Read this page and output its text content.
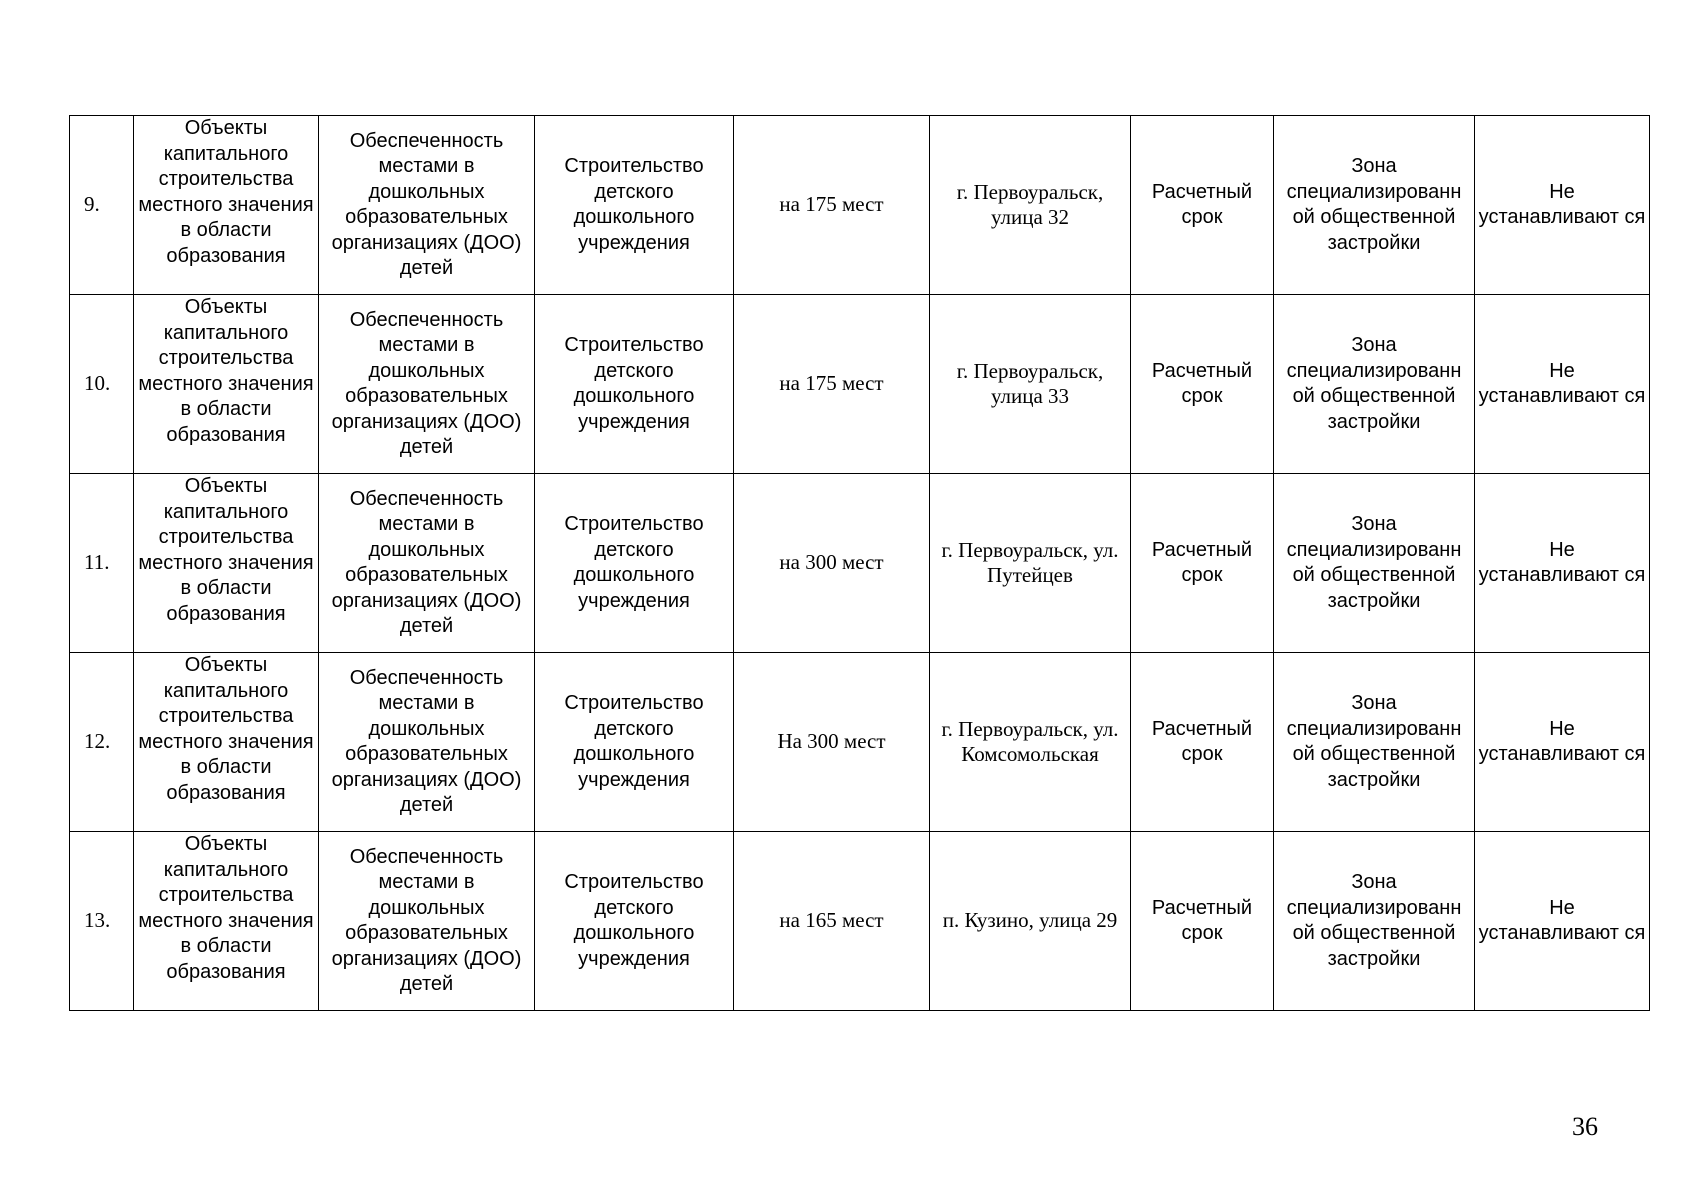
9.	Объекты капитального строительства местного значения в области образования	Обеспеченность местами в дошкольных образовательных организациях (ДОО) детей	Строительство детского дошкольного учреждения	на 175 мест	г. Первоуральск, улица 32	Расчетный срок	Зона специализированн ой общественной застройки	Не устанавливают ся
10.	Объекты капитального строительства местного значения в области образования	Обеспеченность местами в дошкольных образовательных организациях (ДОО) детей	Строительство детского дошкольного учреждения	на 175 мест	г. Первоуральск, улица 33	Расчетный срок	Зона специализированн ой общественной застройки	Не устанавливают ся
11.	Объекты капитального строительства местного значения в области образования	Обеспеченность местами в дошкольных образовательных организациях (ДОО) детей	Строительство детского дошкольного учреждения	на 300 мест	г. Первоуральск, ул. Путейцев	Расчетный срок	Зона специализированн ой общественной застройки	Не устанавливают ся
12.	Объекты капитального строительства местного значения в области образования	Обеспеченность местами в дошкольных образовательных организациях (ДОО) детей	Строительство детского дошкольного учреждения	На 300 мест	г. Первоуральск, ул. Комсомольская	Расчетный срок	Зона специализированн ой общественной застройки	Не устанавливают ся
13.	Объекты капитального строительства местного значения в области образования	Обеспеченность местами в дошкольных образовательных организациях (ДОО) детей	Строительство детского дошкольного учреждения	на 165 мест	п. Кузино, улица 29	Расчетный срок	Зона специализированн ой общественной застройки	Не устанавливают ся
36
